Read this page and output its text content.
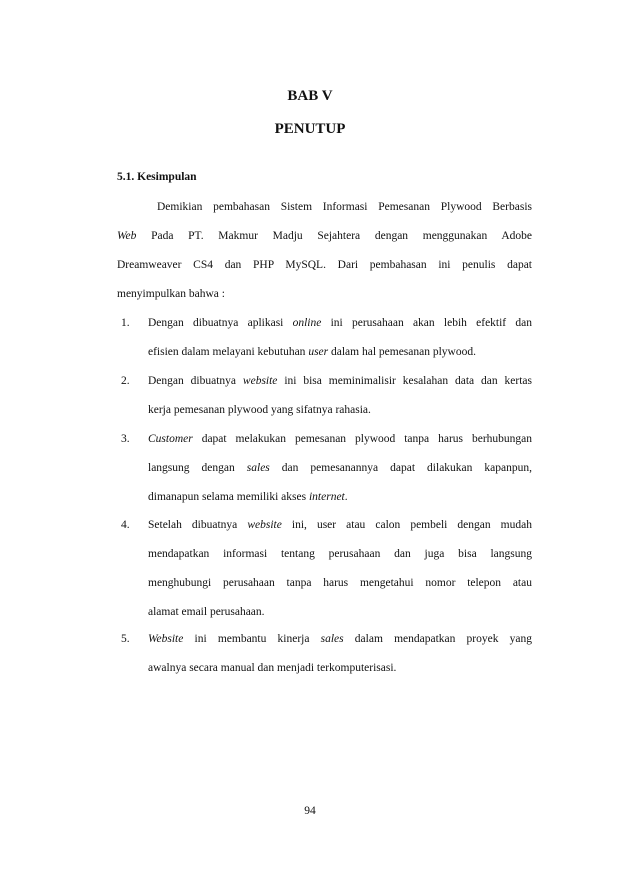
BAB V
PENUTUP
5.1. Kesimpulan
Demikian pembahasan Sistem Informasi Pemesanan Plywood Berbasis
Web Pada PT. Makmur Madju Sejahtera dengan menggunakan Adobe
Dreamweaver CS4 dan PHP MySQL. Dari pembahasan ini penulis dapat
menyimpulkan bahwa :
1. Dengan dibuatnya aplikasi online ini perusahaan akan lebih efektif dan
efisien dalam melayani kebutuhan user dalam hal pemesanan plywood.
2. Dengan dibuatnya website ini bisa meminimalisir kesalahan data dan kertas
kerja pemesanan plywood yang sifatnya rahasia.
3. Customer dapat melakukan pemesanan plywood tanpa harus berhubungan
langsung dengan sales dan pemesanannya dapat dilakukan kapanpun,
dimanapun selama memiliki akses internet.
4. Setelah dibuatnya website ini, user atau calon pembeli dengan mudah
mendapatkan informasi tentang perusahaan dan juga bisa langsung
menghubungi perusahaan tanpa harus mengetahui nomor telepon atau
alamat email perusahaan.
5. Website ini membantu kinerja sales dalam mendapatkan proyek yang
awalnya secara manual dan menjadi terkomputerisasi.
94
